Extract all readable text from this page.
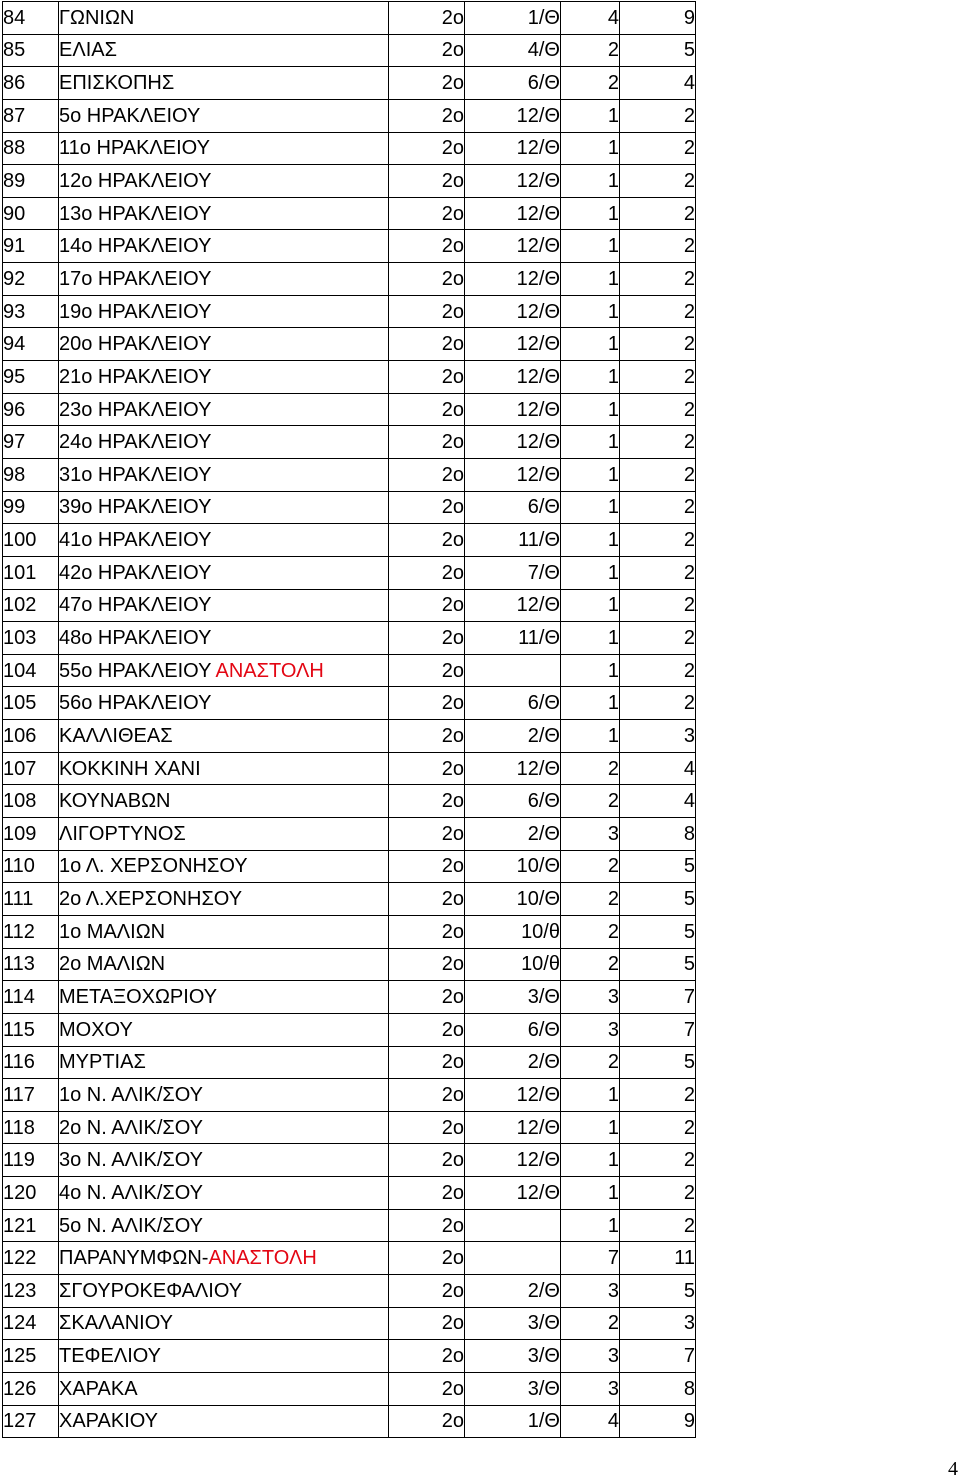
84	ΓΩΝΙΩΝ	2ο	1/Θ	4	9
85	ΕΛΙΑΣ	2ο	4/Θ	2	5
86	ΕΠΙΣΚΟΠΗΣ	2ο	6/Θ	2	4
87	5ο ΗΡΑΚΛΕΙΟΥ	2ο	12/Θ	1	2
88	11ο ΗΡΑΚΛΕΙΟΥ	2ο	12/Θ	1	2
89	12ο ΗΡΑΚΛΕΙΟΥ	2ο	12/Θ	1	2
90	13ο ΗΡΑΚΛΕΙΟΥ	2ο	12/Θ	1	2
91	14ο ΗΡΑΚΛΕΙΟΥ	2ο	12/Θ	1	2
92	17ο ΗΡΑΚΛΕΙΟΥ	2ο	12/Θ	1	2
93	19ο ΗΡΑΚΛΕΙΟΥ	2ο	12/Θ	1	2
94	20ο ΗΡΑΚΛΕΙΟΥ	2ο	12/Θ	1	2
95	21ο ΗΡΑΚΛΕΙΟΥ	2ο	12/Θ	1	2
96	23ο ΗΡΑΚΛΕΙΟΥ	2ο	12/Θ	1	2
97	24ο ΗΡΑΚΛΕΙΟΥ	2ο	12/Θ	1	2
98	31ο ΗΡΑΚΛΕΙΟΥ	2ο	12/Θ	1	2
99	39ο ΗΡΑΚΛΕΙΟΥ	2ο	6/Θ	1	2
100	41ο ΗΡΑΚΛΕΙΟΥ	2ο	11/Θ	1	2
101	42ο ΗΡΑΚΛΕΙΟΥ	2ο	7/Θ	1	2
102	47ο ΗΡΑΚΛΕΙΟΥ	2ο	12/Θ	1	2
103	48ο ΗΡΑΚΛΕΙΟΥ	2ο	11/Θ	1	2
104	55ο ΗΡΑΚΛΕΙΟΥ ΑΝΑΣΤΟΛΗ	2ο		1	2
105	56ο ΗΡΑΚΛΕΙΟΥ	2ο	6/Θ	1	2
106	ΚΑΛΛΙΘΕΑΣ	2ο	2/Θ	1	3
107	ΚΟΚΚΙΝΗ ΧΑΝΙ	2ο	12/Θ	2	4
108	ΚΟΥΝΑΒΩΝ	2ο	6/Θ	2	4
109	ΛΙΓΟΡΤΥΝΟΣ	2ο	2/Θ	3	8
110	1ο Λ. ΧΕΡΣΟΝΗΣΟΥ	2ο	10/Θ	2	5
111	2ο Λ.ΧΕΡΣΟΝΗΣΟΥ	2ο	10/Θ	2	5
112	1ο ΜΑΛΙΩΝ	2ο	10/θ	2	5
113	2ο ΜΑΛΙΩΝ	2ο	10/θ	2	5
114	ΜΕΤΑΞΟΧΩΡΙΟΥ	2ο	3/Θ	3	7
115	ΜΟΧΟΥ	2ο	6/Θ	3	7
116	ΜΥΡΤΙΑΣ	2ο	2/Θ	2	5
117	1ο Ν. ΑΛΙΚ/ΣΟΥ	2ο	12/Θ	1	2
118	2ο Ν. ΑΛΙΚ/ΣΟΥ	2ο	12/Θ	1	2
119	3ο Ν. ΑΛΙΚ/ΣΟΥ	2ο	12/Θ	1	2
120	4ο Ν. ΑΛΙΚ/ΣΟΥ	2ο	12/Θ	1	2
121	5ο Ν. ΑΛΙΚ/ΣΟΥ	2ο		1	2
122	ΠΑΡΑΝΥΜΦΩΝ-ΑΝΑΣΤΟΛΗ	2ο		7	11
123	ΣΓΟΥΡΟΚΕΦΑΛΙΟΥ	2ο	2/Θ	3	5
124	ΣΚΑΛΑΝΙΟΥ	2ο	3/Θ	2	3
125	ΤΕΦΕΛΙΟΥ	2ο	3/Θ	3	7
126	ΧΑΡΑΚΑ	2ο	3/Θ	3	8
127	ΧΑΡΑΚΙΟΥ	2ο	1/Θ	4	9
4
